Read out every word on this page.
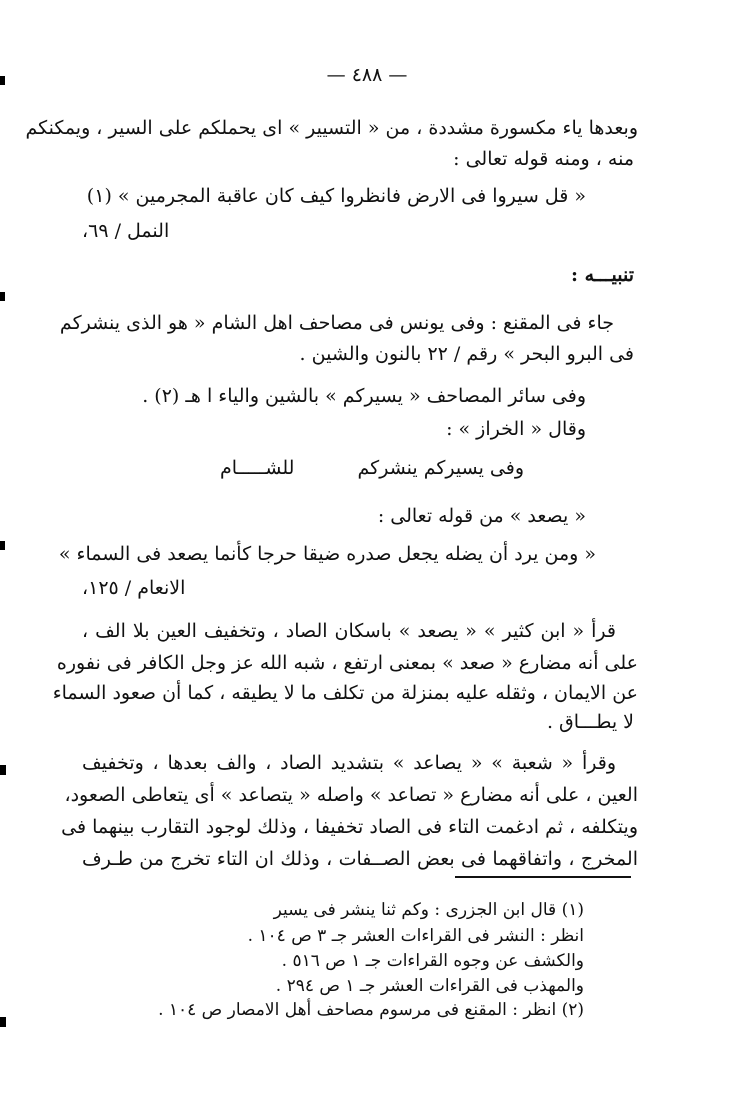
— ٤٨٨ —
وبعدها ياء مكسورة مشددة ، من « التسيير » اى يحملكم على السير ، ويمكنكم
منه ، ومنه قوله تعالى :
« قل سيروا فى الارض فانظروا كيف كان عاقبة المجرمين » (١)
النمل / ٦٩،
تنبيـــه :
جاء فى المقنع : وفى يونس فى مصاحف اهل الشام « هو الذى ينشركم
فى البرو البحر » رقم / ٢٢ بالنون والشين .
وفى سائر المصاحف « يسيركم » بالشين والياء ا هـ (٢) .
وقال « الخراز » :
وفى يسيركم ينشركم
للشـــــام
« يصعد » من قوله تعالى :
« ومن يرد أن يضله يجعل صدره ضيقا حرجا كأنما يصعد فى السماء »
الانعام / ١٢٥،
قرأ « ابن كثير » « يصعد » باسكان الصاد ، وتخفيف العين بلا الف ،
على أنه مضارع « صعد » بمعنى ارتفع ، شبه الله عز وجل الكافر فى نفوره
عن الايمان ، وثقله عليه بمنزلة من تكلف ما لا يطيقه ، كما أن صعود السماء
لا يطـــاق .
وقرأ « شعبة » « يصاعد » بتشديد الصاد ، والف بعدها ، وتخفيف
العين ، على أنه مضارع « تصاعد » واصله « يتصاعد » أى يتعاطى الصعود،
ويتكلفه ، ثم ادغمت التاء فى الصاد تخفيفا ، وذلك لوجود التقارب بينهما فى
المخرج ، واتفاقهما فى بعض الصــفات ، وذلك ان التاء تخرج من طـرف
(١) قال ابن الجزرى : وكم ثنا ينشر فى يسير
انظر : النشر فى القراءات العشر جـ ٣ ص ١٠٤ .
والكشف عن وجوه القراءات جـ ١ ص ٥١٦ .
والمهذب فى القراءات العشر جـ ١ ص ٢٩٤ .
(٢) انظر : المقنع فى مرسوم مصاحف أهل الامصار ص ١٠٤ .
